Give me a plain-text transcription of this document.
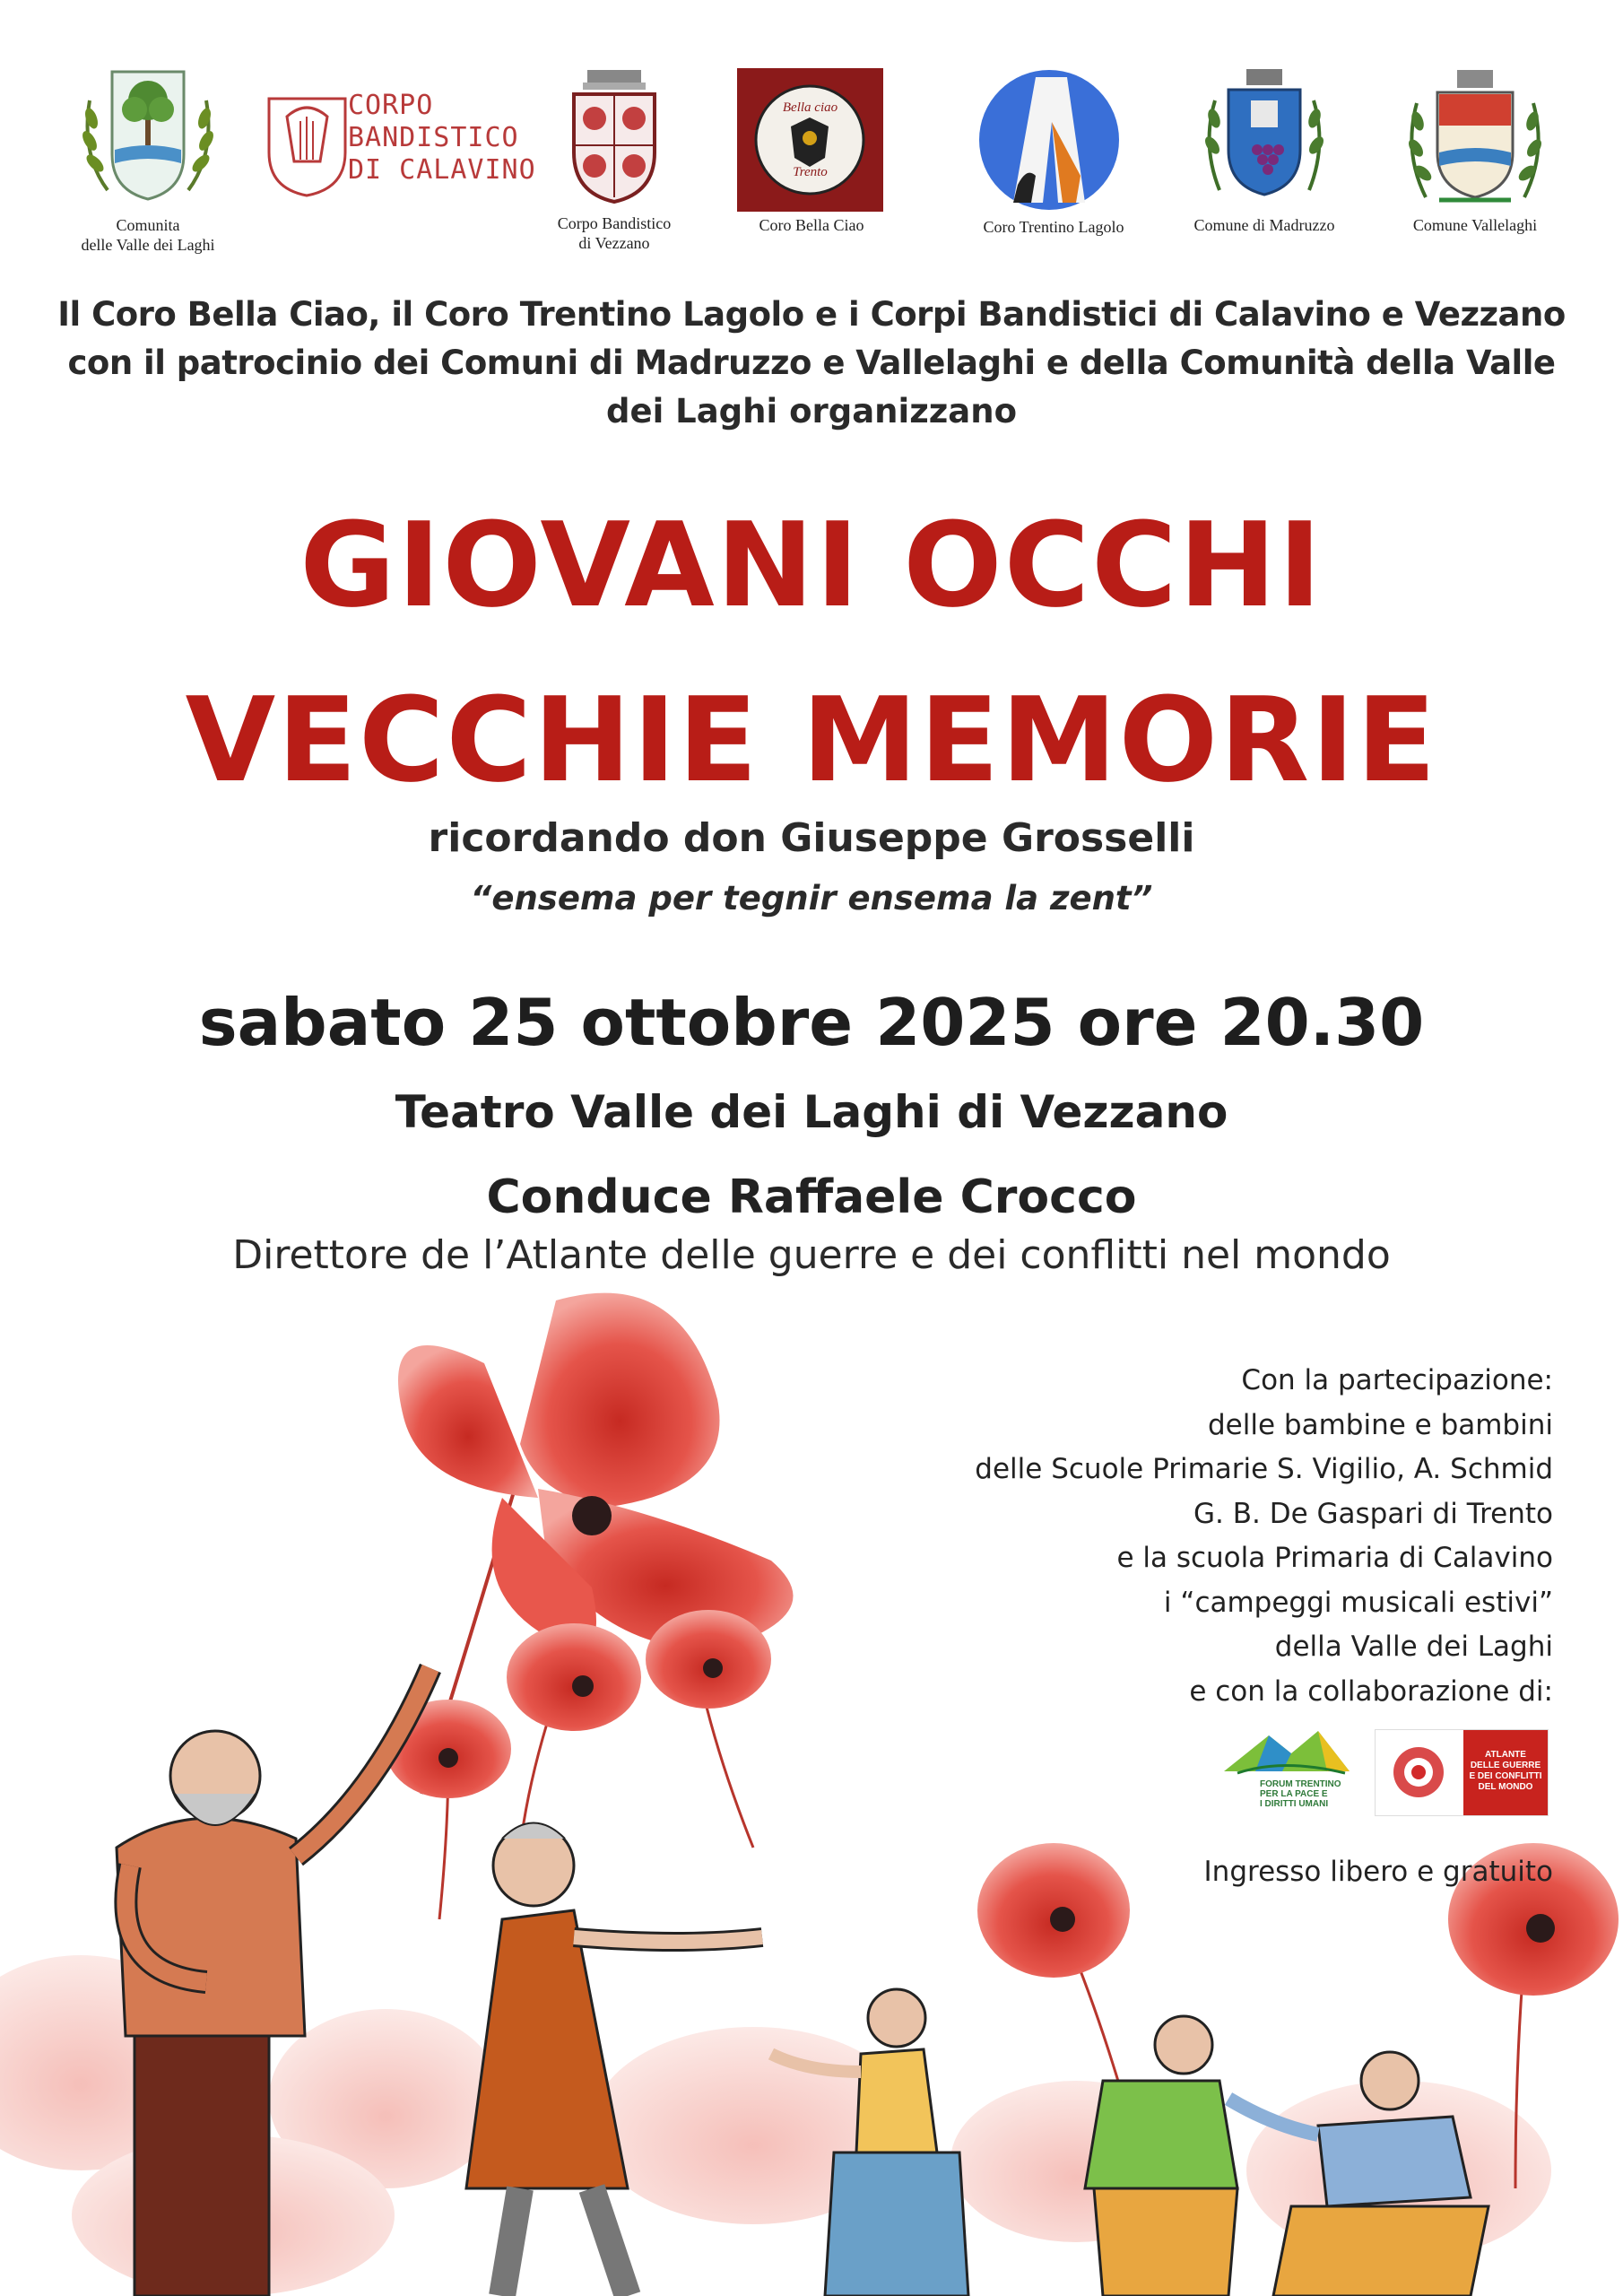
Comunita
delle Valle dei Laghi
CORPO
BANDISTICO
DI CALAVINO
Corpo Bandistico
di Vezzano
Bella ciao
Trento
Coro Bella Ciao	Coro Trentino Lagolo	Comune di Madruzzo	Comune Vallelaghi
Il Coro Bella Ciao, il Coro Trentino Lagolo e i Corpi Bandistici di Calavino e Vezzano
con il patrocinio dei Comuni di Madruzzo e Vallelaghi e della Comunità della Valle
dei Laghi organizzano
GIOVANI OCCHI
VECCHIE MEMORIE
ricordando don Giuseppe Grosselli
“ensema per tegnir ensema la zent”
sabato 25 ottobre 2025 ore 20.30
Teatro Valle dei Laghi di Vezzano
Conduce Raffaele Crocco
Direttore de l’Atlante delle guerre e dei conflitti nel mondo
Con la partecipazione:
delle bambine e bambini
delle Scuole Primarie S. Vigilio, A. Schmid
G. B. De Gaspari di Trento
e la scuola Primaria di Calavino
i “campeggi musicali estivi”
della Valle dei Laghi
e con la collaborazione di:
FORUM TRENTINO
PER LA PACE E
I DIRITTI UMANI
ATLANTE
DELLE GUERRE
E DEI CONFLITTI
DEL MONDO
Ingresso libero e gratuito
